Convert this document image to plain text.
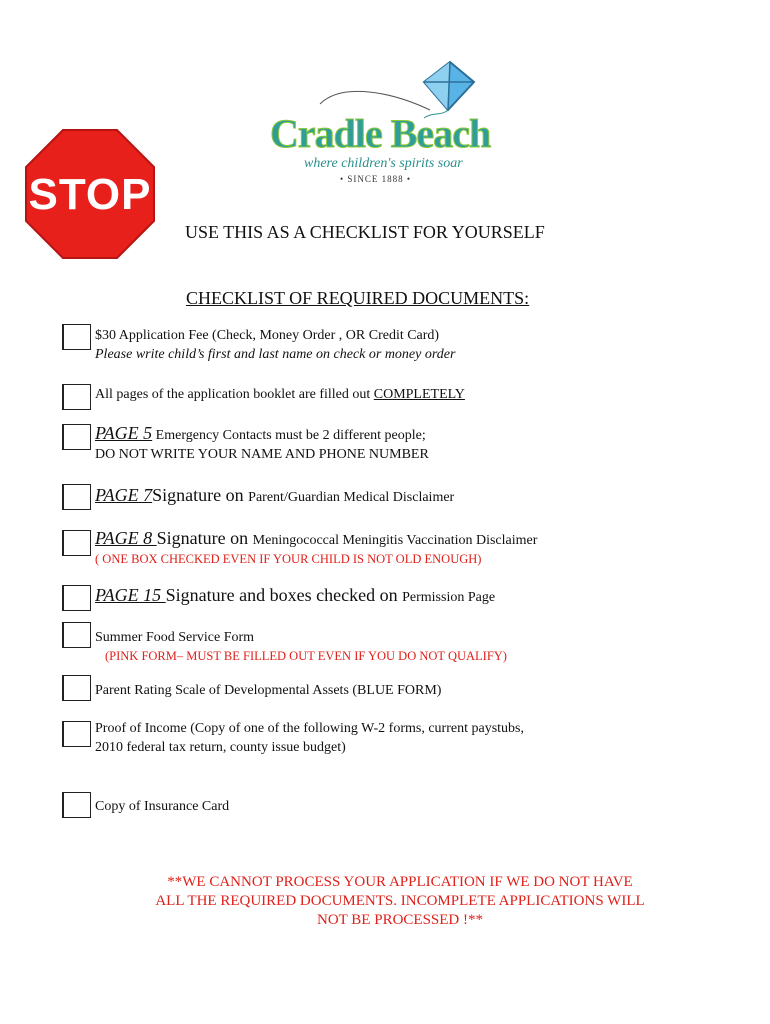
Cradle Beach
where children's spirits soar
• SINCE 1888 •
STOP
USE THIS AS A CHECKLIST FOR YOURSELF
CHECKLIST OF REQUIRED DOCUMENTS:
$30 Application Fee (Check, Money Order , OR Credit Card)
Please write child’s first and last name on check or money order
All pages of the application booklet are filled out COMPLETELY
PAGE 5 Emergency Contacts must be 2 different people;
DO NOT WRITE YOUR NAME AND PHONE NUMBER
PAGE 7Signature on Parent/Guardian Medical Disclaimer
PAGE 8 Signature on Meningococcal Meningitis Vaccination Disclaimer
( ONE BOX CHECKED EVEN IF YOUR CHILD IS NOT OLD ENOUGH)
PAGE 15 Signature and boxes checked on Permission Page
Summer Food Service Form
(PINK FORM– MUST BE FILLED OUT EVEN IF YOU DO NOT QUALIFY)
Parent Rating Scale of Developmental Assets (BLUE FORM)
Proof of Income (Copy of one of the following W-2 forms, current paystubs,
2010 federal tax return, county issue budget)
Copy of Insurance Card
**WE CANNOT PROCESS YOUR APPLICATION IF WE DO NOT HAVE
ALL THE REQUIRED DOCUMENTS. INCOMPLETE APPLICATIONS WILL
NOT BE PROCESSED !**
